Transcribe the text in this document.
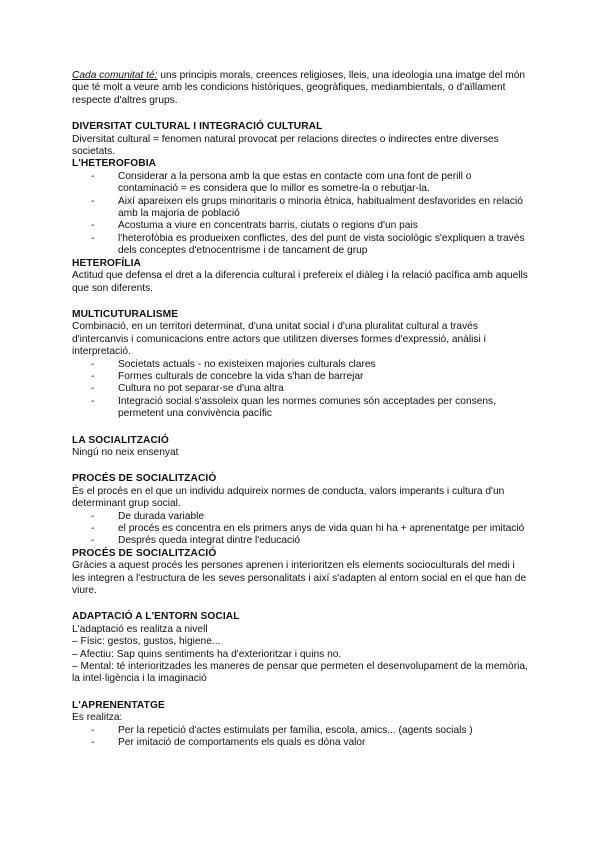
Cada comunitat té: uns principis morals, creences religioses, lleis, una ideologia una imatge del món que té molt a veure amb les condicions històriques, geogràfiques, mediambientals, o d'aïllament respecte d'altres grups.

DIVERSITAT CULTURAL I INTEGRACIÓ CULTURAL

Diversitat cultural = fenomen natural provocat per relacions directes o indirectes entre diverses societats.

L'HETEROFOBIA

- Considerar a la persona amb la que estas en contacte com una font de perill o contaminació = es considera que lo millor es sometre-la o rebutjar-la.
- Així apareixen els grups minoritaris o minoria ètnica, habitualment desfavorides en relació amb la majoria de població
- Acostuma a viure en concentrats barris, ciutats o regions d'un pais
- l'heterofòbia es produeixen conflictes, des del punt de vista sociològic s'expliquen a través dels conceptes d'etnocentrisme i de tancament de grup

HETEROFÍLIA

Actitud que defensa el dret a la diferencia cultural i prefereix el diàleg i la relació pacífica amb aquells que son diferents.

MULTICUTURALISME

Combinació, en un territori determinat, d'una unitat social i d'una pluralitat cultural a través d'intercanvis i comunicacions entre actors que utilitzen diverses formes d'expressió, anàlisi i interpretació.

- Societats actuals - no existeixen majories culturals clares
- Formes culturals de concebre la vida s'han de barrejar
- Cultura no pot separar-se d'una altra
- Integració social s'assoleix quan les normes comunes són acceptades per consens, permetent una convivència pacífic

LA SOCIALITZACIÓ

Ningú no neix ensenyat

PROCÉS DE SOCIALITZACIÓ

És el procés en el que un individu adquireix normes de conducta, valors imperants i cultura d'un determinant grup social.

- De durada variable
- el procés es concentra en els primers anys de vida quan hi ha + aprenentatge per imitació
- Després queda integrat dintre l'educació

PROCÉS DE SOCIALITZACIÓ

Gràcies a aquest procés les persones aprenen i interioritzen els elements socioculturals del medi i les integren a l'estructura de les seves personalitats i així s'adapten al entorn social en el que han de viure.

ADAPTACIÓ A L'ENTORN SOCIAL

L'adaptació es realitza a nivell

– Físic: gestos, gustos, higiene...

– Afectiu: Sap quins sentiments ha d'exterioritzar i quins no.

– Mental: té interioritzades les maneres de pensar que permeten el desenvolupament de la memòria, la intel·ligència i la imaginació

L'APRENENTATGE

Es realitza:

- Per la repetició d'actes estimulats per família, escola, amics... (agents socials )
- Per imitació de comportaments els quals es dóna valor
